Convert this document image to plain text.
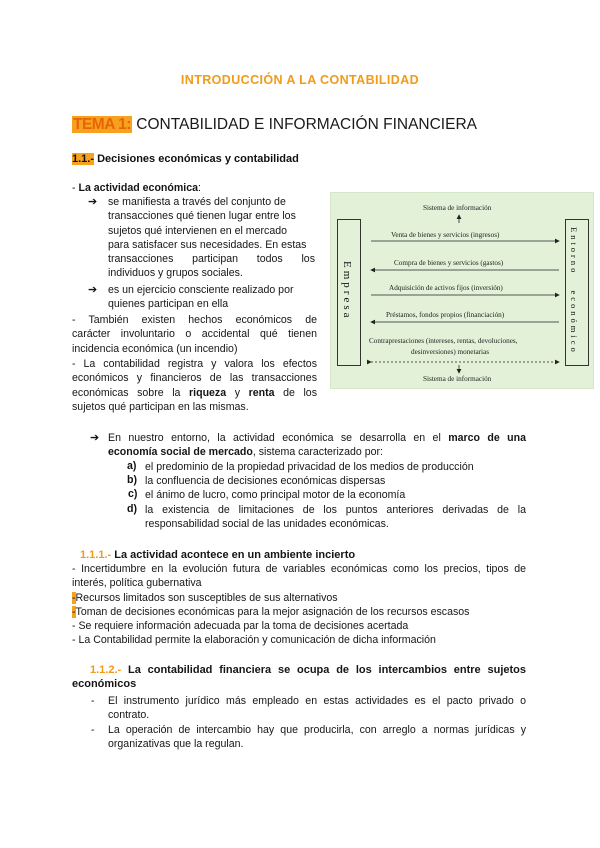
INTRODUCCIÓN A LA CONTABILIDAD
TEMA 1: CONTABILIDAD E INFORMACIÓN FINANCIERA
1.1.- Decisiones económicas y contabilidad
- La actividad económica:
➔ se manifiesta a través del conjunto de
transacciones qué tienen lugar entre los
sujetos qué intervienen en el mercado
para satisfacer sus necesidades. En estas
transacciones participan todos los
individuos y grupos sociales.
➔ es un ejercicio consciente realizado por
quienes participan en ella
- También existen hechos económicos de
carácter involuntario o accidental qué tienen
incidencia económica (un incendio)
- La contabilidad registra y valora los efectos
económicos y financieros de las transacciones
económicas sobre la riqueza y renta de los
sujetos qué participan en las mismas.
Sistema de información
Sistema de información
Empresa	Entorno económico
Venta de bienes y servicios (ingresos)
Compra de bienes y servicios (gastos)
Adquisición de activos fijos (inversión)
Préstamos, fondos propios (financiación)
Contraprestaciones (intereses, rentas, devoluciones,
desinversiones) monetarias
➔ En nuestro entorno, la actividad económica se desarrolla en el marco de una
economía social de mercado, sistema caracterizado por:
a) el predominio de la propiedad privacidad de los medios de producción
b) la confluencia de decisiones económicas dispersas
c) el ánimo de lucro, como principal motor de la economía
d) la existencia de limitaciones de los puntos anteriores derivadas de la
responsabilidad social de las unidades económicas.
1.1.1.- La actividad acontece en un ambiente incierto
- Incertidumbre en la evolución futura de variables económicas como los precios, tipos de
interés, política gubernativa
-Recursos limitados son susceptibles de sus alternativos
-Toman de decisiones económicas para la mejor asignación de los recursos escasos
- Se requiere información adecuada par la toma de decisiones acertada
- La Contabilidad permite la elaboración y comunicación de dicha información
1.1.2.- La contabilidad financiera se ocupa de los intercambios entre sujetos
económicos
- El instrumento jurídico más empleado en estas actividades es el pacto privado o
contrato.
- La operación de intercambio hay que producirla, con arreglo a normas jurídicas y
organizativas que la regulan.
